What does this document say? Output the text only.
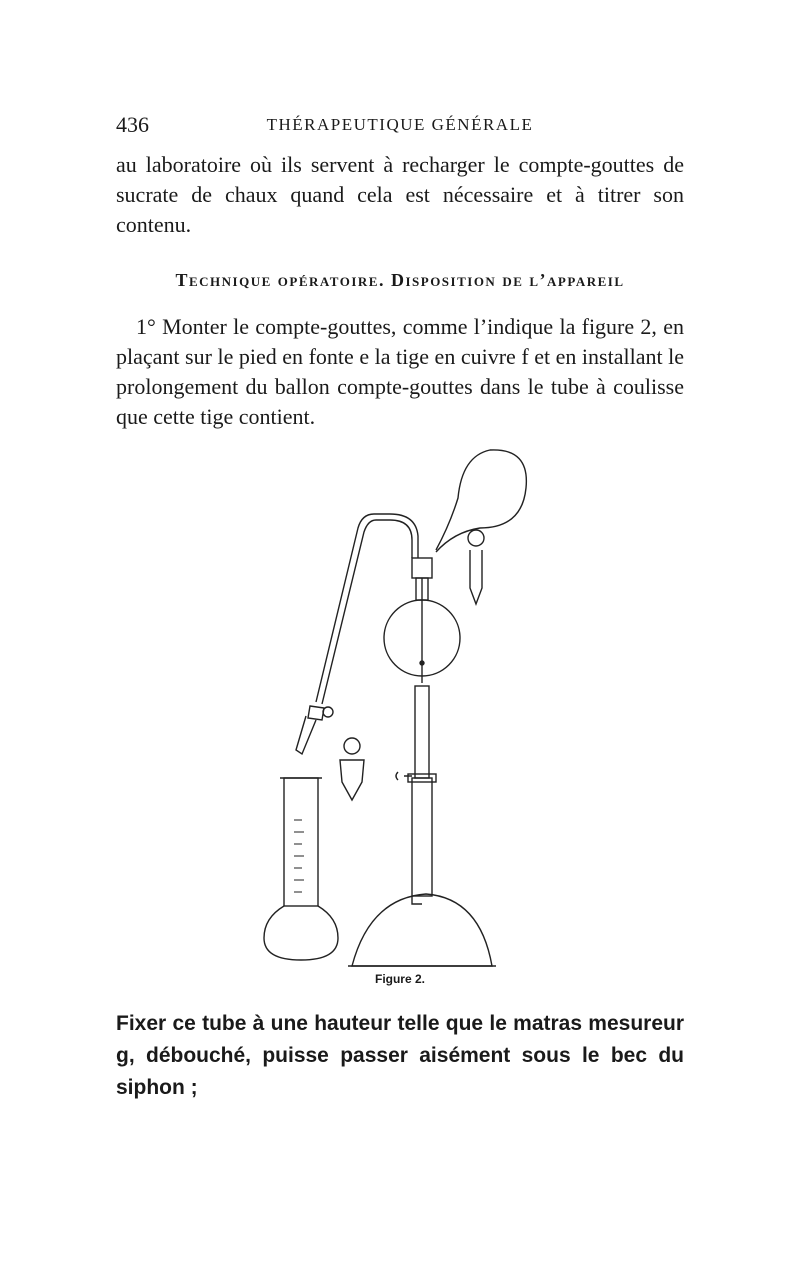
436	THÉRAPEUTIQUE GÉNÉRALE

au laboratoire où ils servent à recharger le compte-gouttes de sucrate de chaux quand cela est nécessaire et à titrer son contenu.

Technique opératoire. Disposition de l’appareil

1° Monter le compte-gouttes, comme l’indique la figure 2, en plaçant sur le pied en fonte e la tige en cuivre f et en installant le prolongement du ballon compte-gouttes dans le tube à coulisse que cette tige contient.

Figure 2.

Fixer ce tube à une hauteur telle que le matras mesureur g, débouché, puisse passer aisément sous le bec du siphon ;
